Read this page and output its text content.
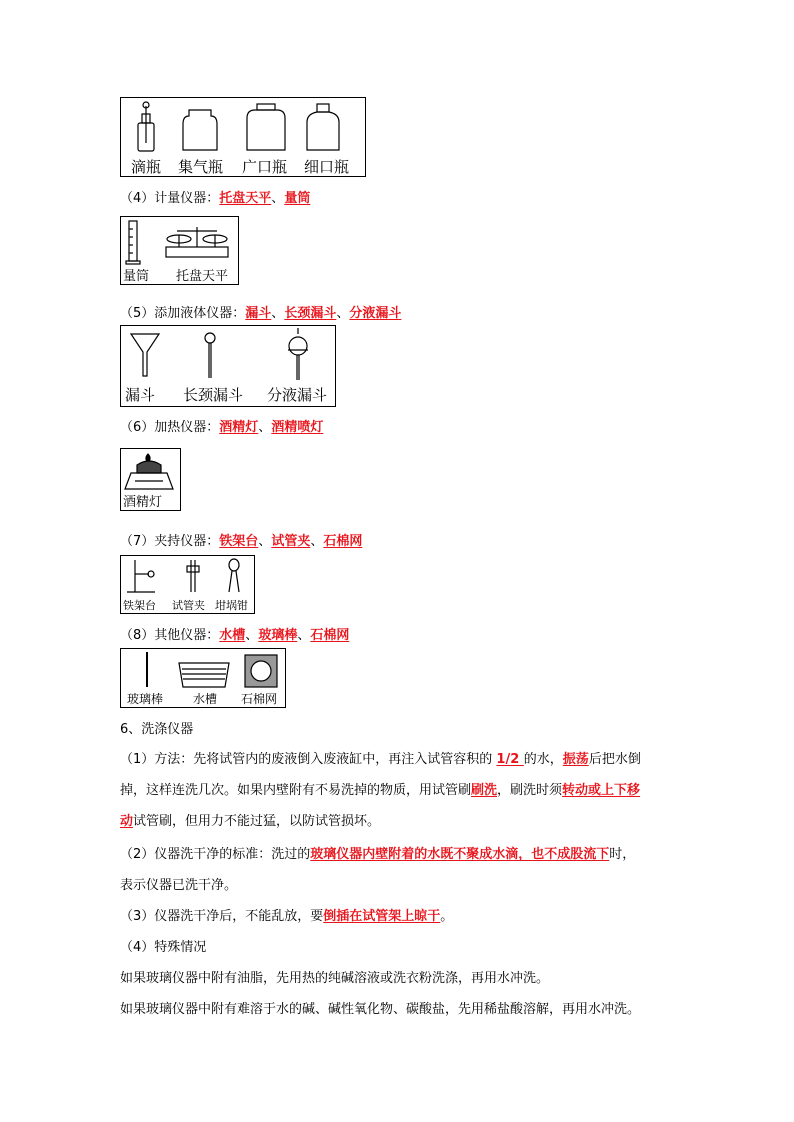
滴瓶 集气瓶 广口瓶 细口瓶
（4）计量仪器：托盘天平、量筒
量筒 托盘天平
（5）添加液体仪器：漏斗、长颈漏斗、分液漏斗
漏斗 长颈漏斗 分液漏斗
（6）加热仪器：酒精灯、酒精喷灯
酒精灯
（7）夹持仪器：铁架台、试管夹、石棉网
铁架台 试管夹 坩埚钳
（8）其他仪器：水槽、玻璃棒、石棉网
玻璃棒 水槽 石棉网
6、洗涤仪器
（1）方法：先将试管内的废液倒入废液缸中，再注入试管容积的 1/2 的水，振荡后把水倒
掉，这样连洗几次。如果内壁附有不易洗掉的物质，用试管刷刷洗，刷洗时须转动或上下移
动试管刷，但用力不能过猛，以防试管损坏。
（2）仪器洗干净的标准：洗过的玻璃仪器内壁附着的水既不聚成水滴，也不成股流下时，
表示仪器已洗干净。
（3）仪器洗干净后，不能乱放，要倒插在试管架上晾干。
（4）特殊情况
如果玻璃仪器中附有油脂，先用热的纯碱溶液或洗衣粉洗涤，再用水冲洗。
如果玻璃仪器中附有难溶于水的碱、碱性氧化物、碳酸盐，先用稀盐酸溶解，再用水冲洗。
